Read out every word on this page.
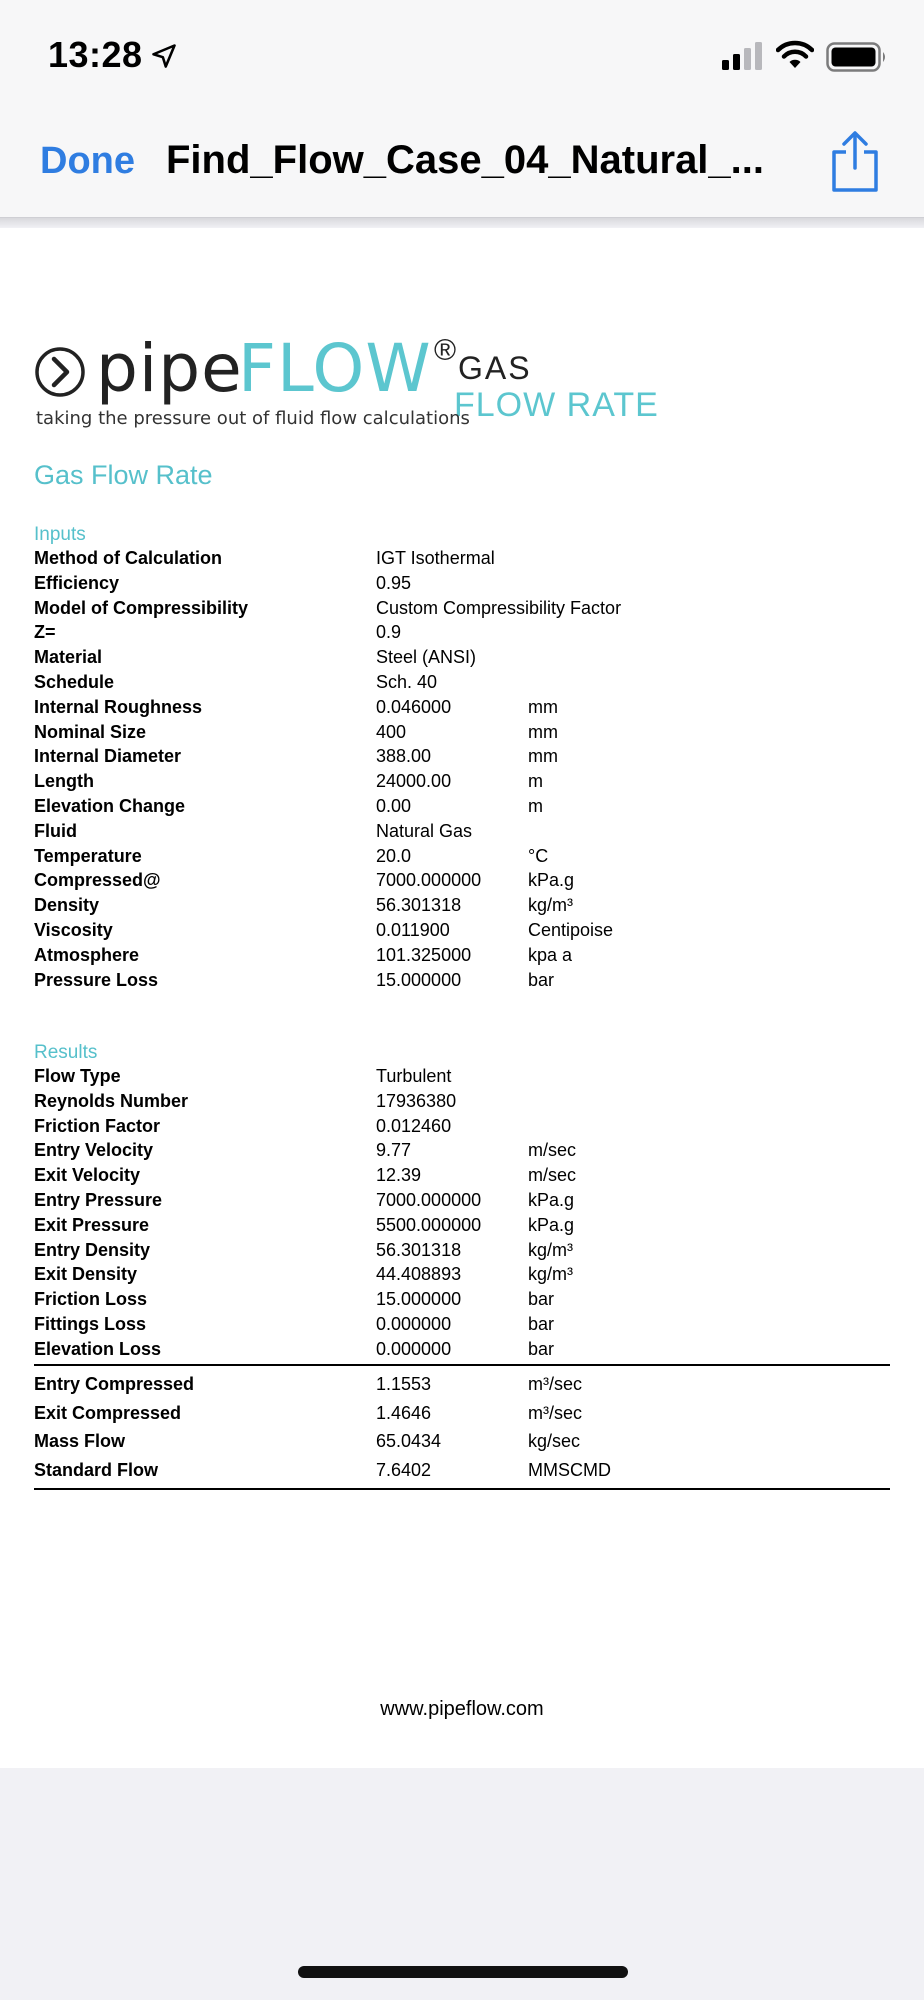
13:28
Done Find_Flow_Case_04_Natural_...
pipe
FLOW ® GAS
FLOW RATE
taking the pressure out of fluid flow calculations
Gas Flow Rate
Inputs
Method of Calculation	IGT Isothermal
Efficiency	0.95
Model of Compressibility	Custom Compressibility Factor
Z=	0.9
Material	Steel (ANSI)
Schedule	Sch. 40
Internal Roughness	0.046000	mm
Nominal Size	400	mm
Internal Diameter	388.00	mm
Length	24000.00	m
Elevation Change	0.00	m
Fluid	Natural Gas
Temperature	20.0	°C
Compressed@	7000.000000	kPa.g
Density	56.301318	kg/m³
Viscosity	0.011900	Centipoise
Atmosphere	101.325000	kpa a
Pressure Loss	15.000000	bar
Results
Flow Type	Turbulent
Reynolds Number	17936380
Friction Factor	0.012460
Entry Velocity	9.77	m/sec
Exit Velocity	12.39	m/sec
Entry Pressure	7000.000000	kPa.g
Exit Pressure	5500.000000	kPa.g
Entry Density	56.301318	kg/m³
Exit Density	44.408893	kg/m³
Friction Loss	15.000000	bar
Fittings Loss	0.000000	bar
Elevation Loss	0.000000	bar
Entry Compressed	1.1553	m³/sec
Exit Compressed	1.4646	m³/sec
Mass Flow	65.0434	kg/sec
Standard Flow	7.6402	MMSCMD
www.pipeflow.com
